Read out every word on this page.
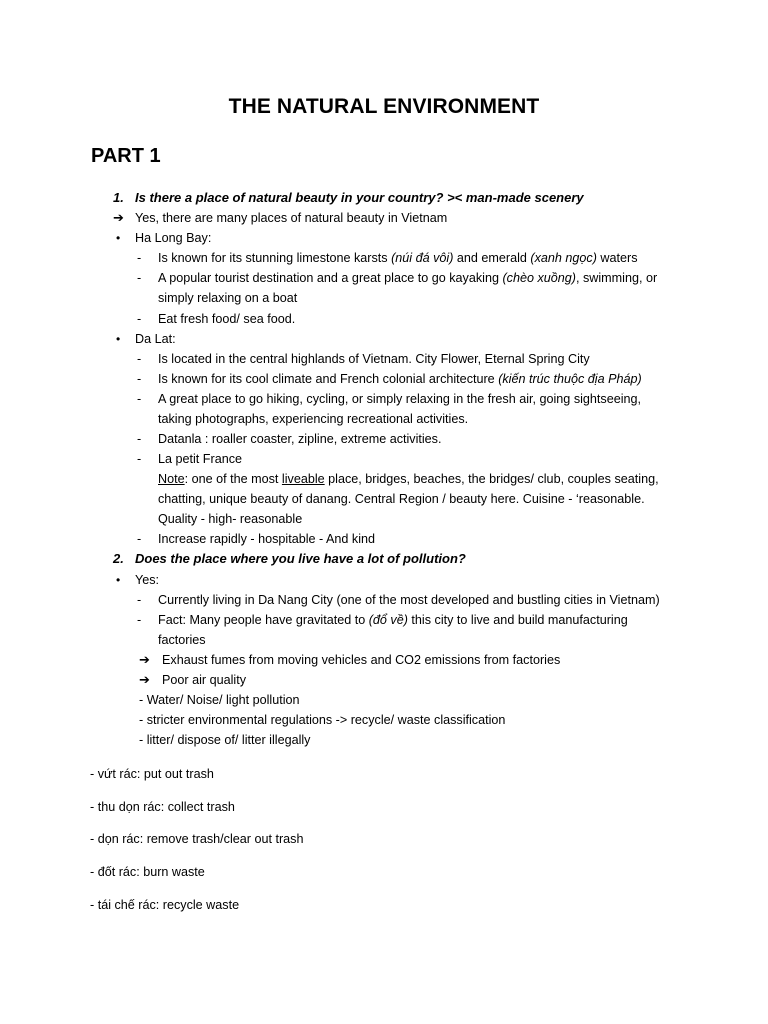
THE NATURAL ENVIRONMENT
PART 1
1. Is there a place of natural beauty in your country? >< man-made scenery
➔ Yes, there are many places of natural beauty in Vietnam
• Ha Long Bay:
- Is known for its stunning limestone karsts (núi đá vôi) and emerald (xanh ngọc) waters
- A popular tourist destination and a great place to go kayaking (chèo xuồng), swimming, or
simply relaxing on a boat
- Eat fresh food/ sea food.
• Da Lat:
- Is located in the central highlands of Vietnam. City Flower, Eternal Spring City
- Is known for its cool climate and French colonial architecture (kiến trúc thuộc địa Pháp)
- A great place to go hiking, cycling, or simply relaxing in the fresh air, going sightseeing,
taking photographs, experiencing recreational activities.
- Datanla : roaller coaster, zipline, extreme activities.
- La petit France
Note: one of the most liveable place, bridges, beaches, the bridges/ club, couples seating,
chatting, unique beauty of danang. Central Region / beauty here. Cuisine - ‘reasonable.
Quality - high- reasonable
- Increase rapidly - hospitable - And kind
2. Does the place where you live have a lot of pollution?
• Yes:
- Currently living in Da Nang City (one of the most developed and bustling cities in Vietnam)
- Fact: Many people have gravitated to (đổ về) this city to live and build manufacturing
factories
➔ Exhaust fumes from moving vehicles and CO2 emissions from factories
➔ Poor air quality
- Water/ Noise/ light pollution
- stricter environmental regulations -> recycle/ waste classification
- litter/ dispose of/ litter illegally
- vứt rác: put out trash
- thu dọn rác: collect trash
- dọn rác: remove trash/clear out trash
- đốt rác: burn waste
- tái chế rác: recycle waste
